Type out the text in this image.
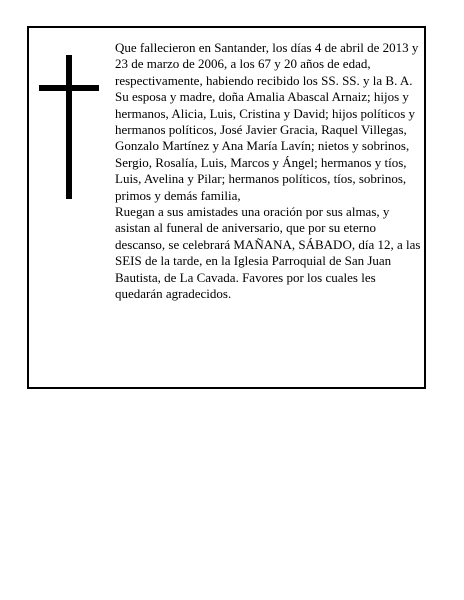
Que fallecieron en Santander, los días 4 de abril de 2013 y 23 de marzo de 2006, a los 67 y 20 años de edad, respectivamente, habiendo recibido los SS. SS. y la B. A.

Su esposa y madre, doña Amalia Abascal Arnaiz; hijos y hermanos, Alicia, Luis, Cristina y David; hijos políticos y hermanos políticos, José Javier Gracia, Raquel Villegas, Gonzalo Martínez y Ana María Lavín; nietos y sobrinos, Sergio, Rosalía, Luis, Marcos y Ángel; hermanos y tíos, Luis, Avelina y Pilar; hermanos políticos, tíos, sobrinos, primos y demás familia,

Ruegan a sus amistades una oración por sus almas, y asistan al funeral de aniversario, que por su eterno descanso, se celebrará MAÑANA, SÁBADO, día 12, a las SEIS de la tarde, en la Iglesia Parroquial de San Juan Bautista, de La Cavada. Favores por los cuales les quedarán agradecidos.
